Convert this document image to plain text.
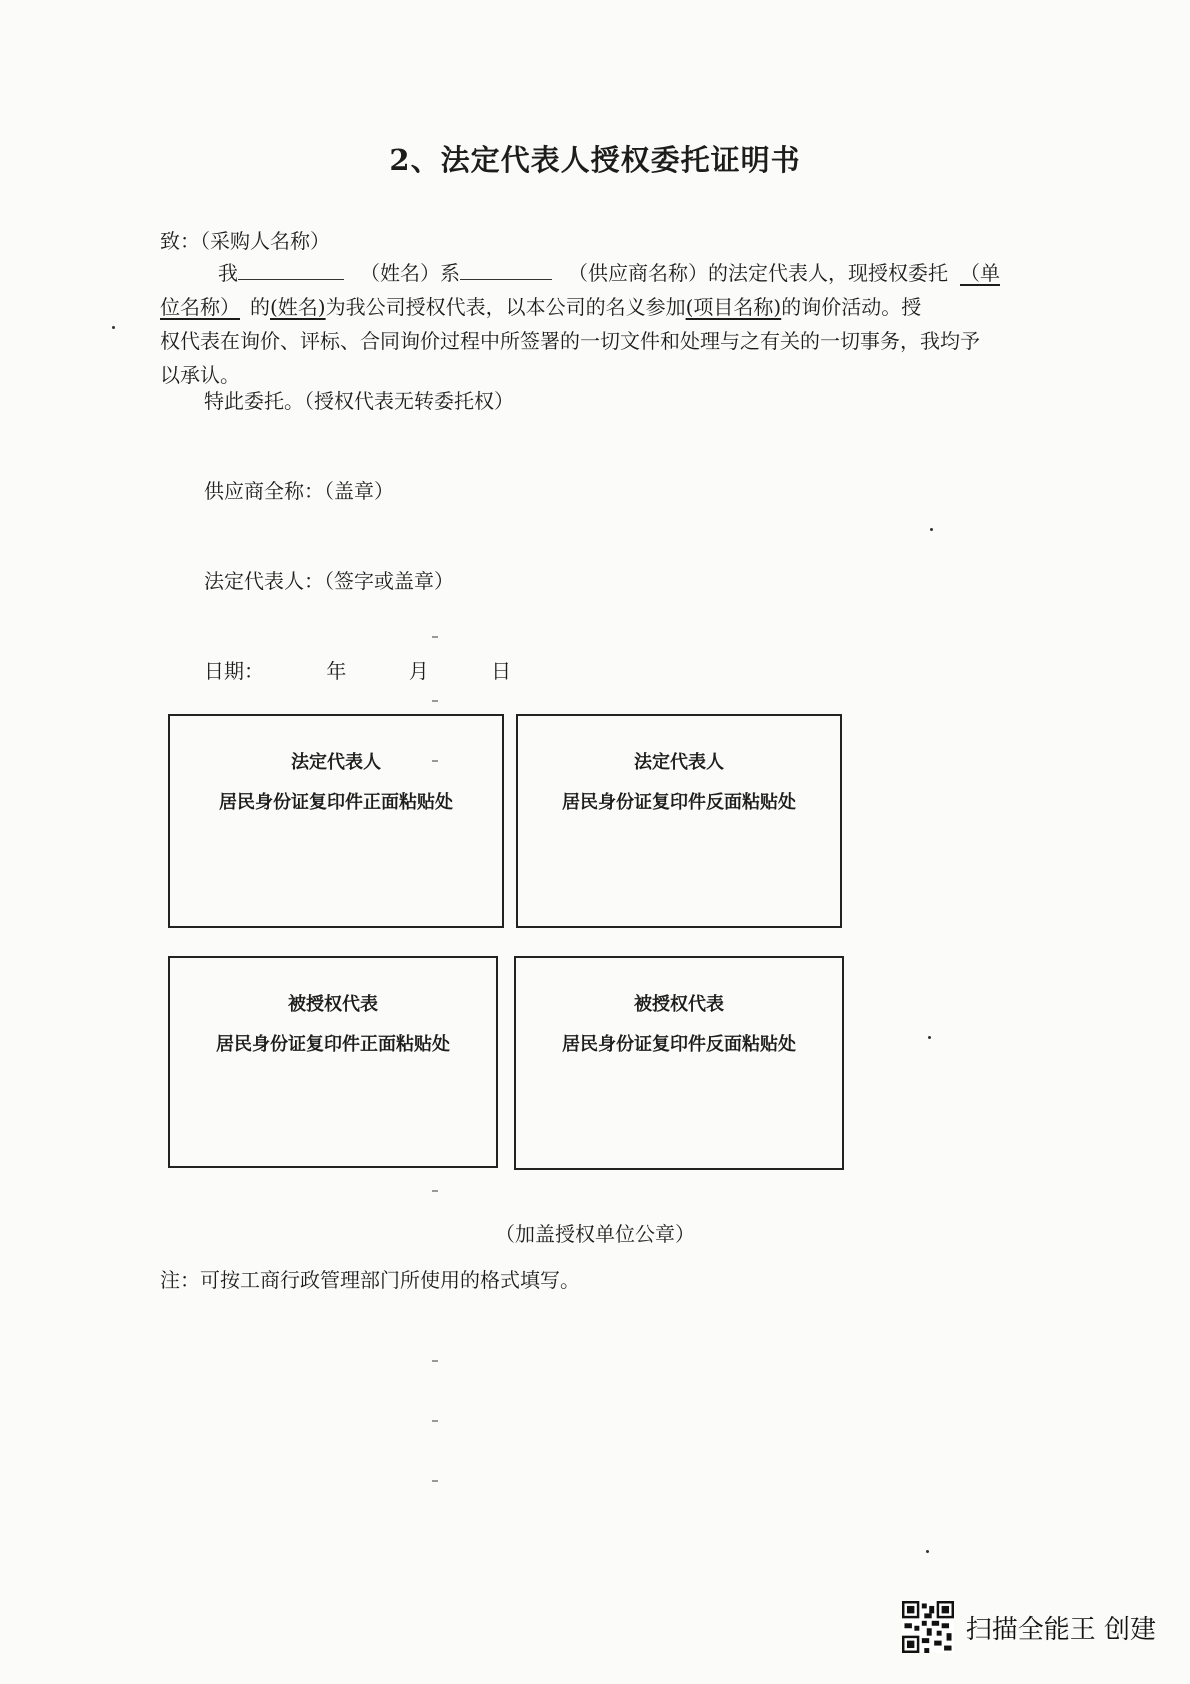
2、法定代表人授权委托证明书
致：（采购人名称）
我	（姓名）系	（供应商名称）的法定代表人，现授权委托 （单
位名称） 的(姓名)为我公司授权代表，以本公司的名义参加(项目名称)的询价活动。授
权代表在询价、评标、合同询价过程中所签署的一切文件和处理与之有关的一切事务，我均予
以承认。
特此委托。（授权代表无转委托权）
供应商全称：（盖章）
法定代表人：（签字或盖章）
日期：	年	月	日
法定代表人
居民身份证复印件正面粘贴处
法定代表人
居民身份证复印件反面粘贴处
被授权代表
居民身份证复印件正面粘贴处
被授权代表
居民身份证复印件反面粘贴处
（加盖授权单位公章）
注：可按工商行政管理部门所使用的格式填写。
扫描全能王 创建
